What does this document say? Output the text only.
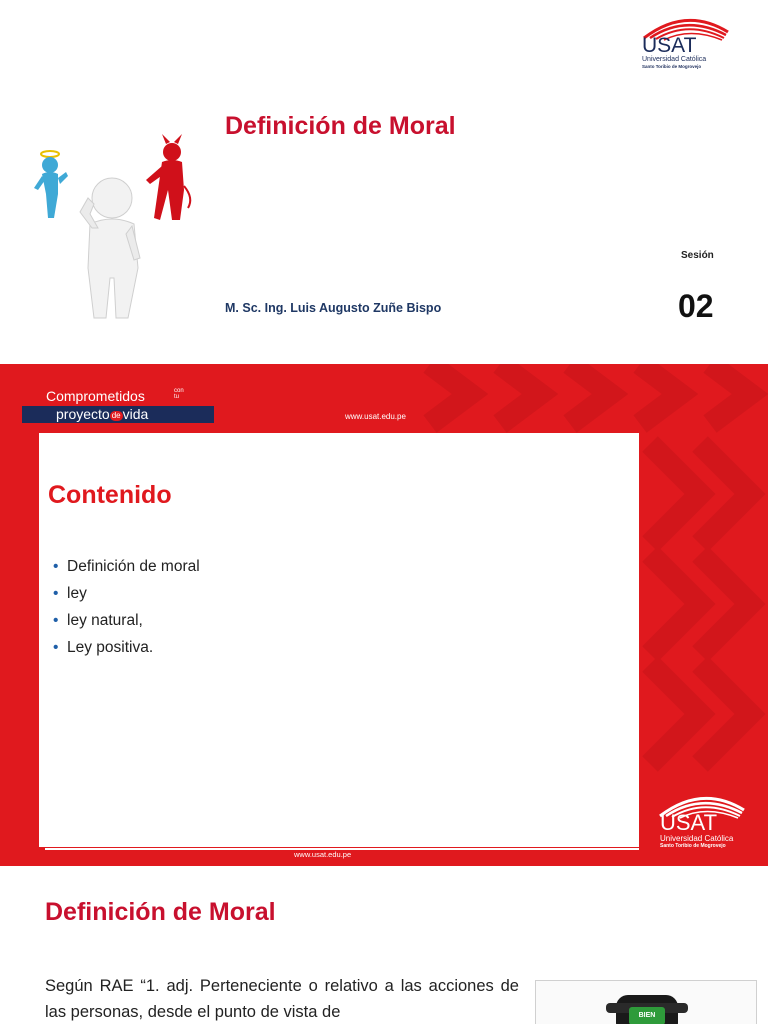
USAT
Universidad Católica
Santo Toribio de Mogrovejo
Definición de Moral
M. Sc. Ing. Luis Augusto Zuñe Bispo
Sesión
02
Comprometidos	con
tu
proyecto de vida	www.usat.edu.pe
Contenido
• Definición de moral
• ley
• ley natural,
• Ley positiva.
www.usat.edu.pe
USAT
Universidad Católica
Santo Toribio de Mogrovejo
Definición de Moral

Según RAE “1. adj. Perteneciente o relativo a las acciones de las personas, desde el punto de vista de	BIEN
